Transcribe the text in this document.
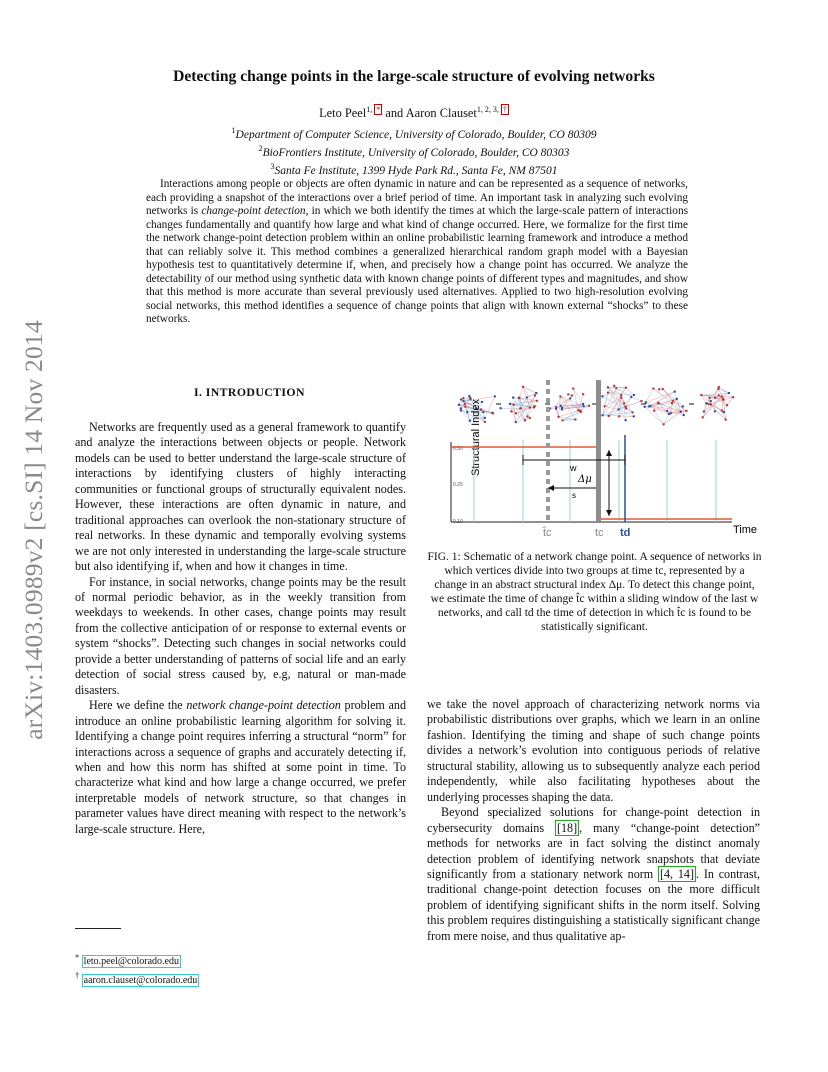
arXiv:1403.0989v2 [cs.SI] 14 Nov 2014
Detecting change points in the large-scale structure of evolving networks
Leto Peel$^{1, *}$ and Aaron Clauset$^{1, 2, 3, \dagger}$
$^1$Department of Computer Science, University of Colorado, Boulder, CO 80309
$^2$BioFrontiers Institute, University of Colorado, Boulder, CO 80303
$^3$Santa Fe Institute, 1399 Hyde Park Rd., Santa Fe, NM 87501

Interactions among people or objects are often dynamic in nature and can be represented as a sequence of networks, each providing a snapshot of the interactions over a brief period of time. An important task in analyzing such evolving networks is change-point detection, in which we both identify the times at which the large-scale pattern of interactions changes fundamentally and quantify how large and what kind of change occurred. Here, we formalize for the first time the network change-point detection problem within an online probabilistic learning framework and introduce a method that can reliably solve it. This method combines a generalized hierarchical random graph model with a Bayesian hypothesis test to quantitatively determine if, when, and precisely how a change point has occurred. We analyze the detectability of our method using synthetic data with known change points of different types and magnitudes, and show that this method is more accurate than several previously used alternatives. Applied to two high-resolution evolving social networks, this method identifies a sequence of change points that align with known external “shocks” to these networks.

I. INTRODUCTION

Networks are frequently used as a general framework to quantify and analyze the interactions between objects or people. Network models can be used to better understand the large-scale structure of interactions by identifying clusters of highly interacting communities or functional groups of structurally equivalent nodes. However, these interactions are often dynamic in nature, and traditional approaches can overlook the non-stationary structure of real networks. In these dynamic and temporally evolving systems we are not only interested in understanding the large-scale structure but also identifying if, when and how it changes in time.

For instance, in social networks, change points may be the result of normal periodic behavior, as in the weekly transition from weekdays to weekends. In other cases, change points may result from the collective anticipation of or response to external events or system “shocks”. Detecting such changes in social networks could provide a better understanding of patterns of social life and an early detection of social stress caused by, e.g, natural or man-made disasters.

Here we define the network change-point detection problem and introduce an online probabilistic learning algorithm for solving it. Identifying a change point requires inferring a structural “norm” for interactions across a sequence of graphs and accurately detecting if, when and how this norm has shifted at some point in time. To characterize what kind and how large a change occurred, we prefer interpretable models of network structure, so that changes in parameter values have direct meaning with respect to the network’s large-scale structure. Here,

Structural Index
Time
0.50
0.25
0.10
w
s
Δμ
t̂c	tc td
FIG. 1: Schematic of a network change point. A sequence of networks in which vertices divide into two groups at time tc, represented by a change in an abstract structural index Δμ. To detect this change point, we estimate the time of change t̂c within a sliding window of the last w networks, and call td the time of detection in which t̂c is found to be statistically significant.

we take the novel approach of characterizing network norms via probabilistic distributions over graphs, which we learn in an online fashion. Identifying the timing and shape of such change points divides a network’s evolution into contiguous periods of relative structural stability, allowing us to subsequently analyze each period independently, while also facilitating hypotheses about the underlying processes shaping the data.

Beyond specialized solutions for change-point detection in cybersecurity domains [18] , many “change-point detection” methods for networks are in fact solving the distinct anomaly detection problem of identifying network snapshots that deviate significantly from a stationary network norm [4, 14] . In contrast, traditional change-point detection focuses on the more difficult problem of identifying significant shifts in the norm itself. Solving this problem requires distinguishing a statistically significant change from mere noise, and thus qualitative ap-

* leto.peel@colorado.edu
† aaron.clauset@colorado.edu
